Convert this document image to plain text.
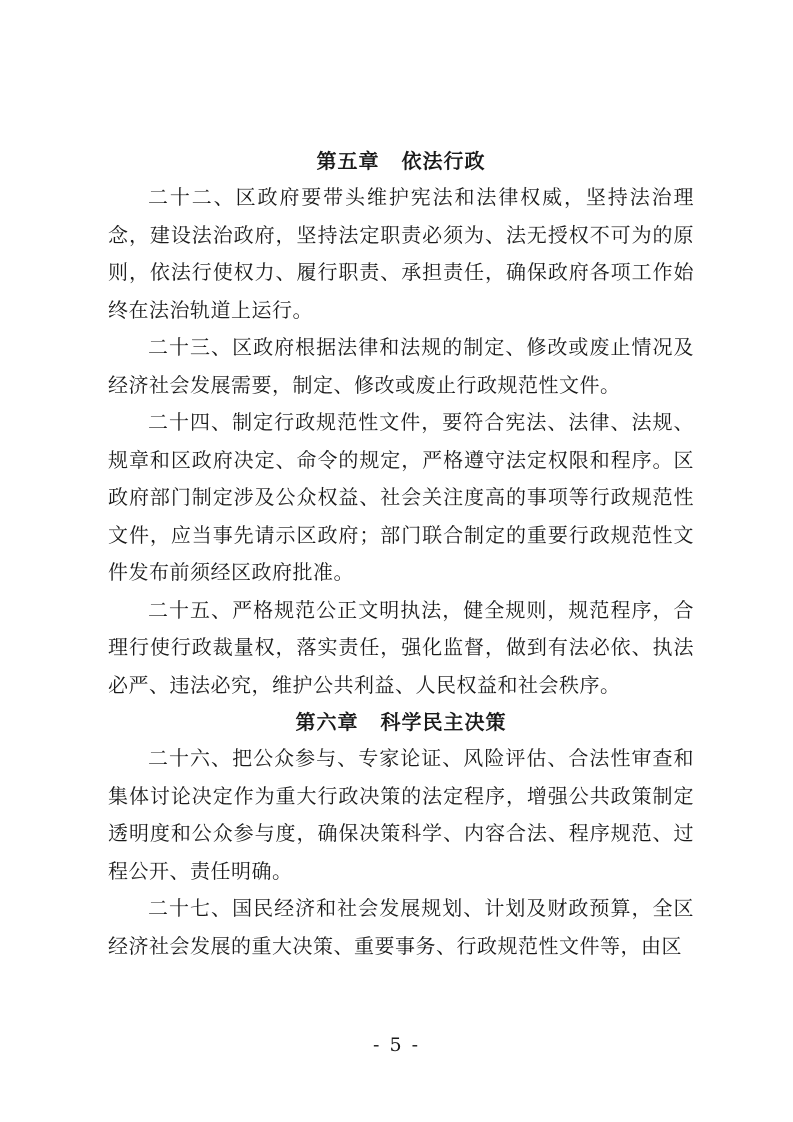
第五章 依法行政

二十二、区政府要带头维护宪法和法律权威，坚持法治理念，建设法治政府，坚持法定职责必须为、法无授权不可为的原则，依法行使权力、履行职责、承担责任，确保政府各项工作始终在法治轨道上运行。

二十三、区政府根据法律和法规的制定、修改或废止情况及经济社会发展需要，制定、修改或废止行政规范性文件。

二十四、制定行政规范性文件，要符合宪法、法律、法规、规章和区政府决定、命令的规定，严格遵守法定权限和程序。区政府部门制定涉及公众权益、社会关注度高的事项等行政规范性文件，应当事先请示区政府；部门联合制定的重要行政规范性文件发布前须经区政府批准。

二十五、严格规范公正文明执法，健全规则，规范程序，合理行使行政裁量权，落实责任，强化监督，做到有法必依、执法必严、违法必究，维护公共利益、人民权益和社会秩序。

第六章 科学民主决策

二十六、把公众参与、专家论证、风险评估、合法性审查和集体讨论决定作为重大行政决策的法定程序，增强公共政策制定透明度和公众参与度，确保决策科学、内容合法、程序规范、过程公开、责任明确。

二十七、国民经济和社会发展规划、计划及财政预算，全区经济社会发展的重大决策、重要事务、行政规范性文件等，由区

- 5 -
